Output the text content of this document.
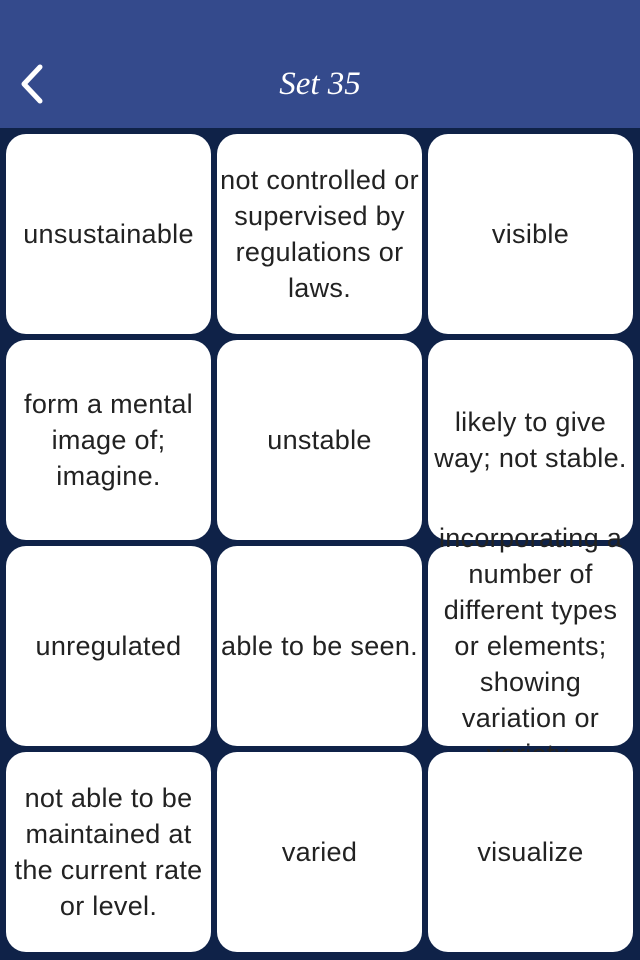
Set 35
unsustainable
not controlled or supervised by regulations or laws.
visible
form a mental image of; imagine.
unstable
likely to give way; not stable.
unregulated able to be seen.
incorporating a number of different types or elements; showing variation or
not able to be maintained at the current rate or level.
varied	visualize
